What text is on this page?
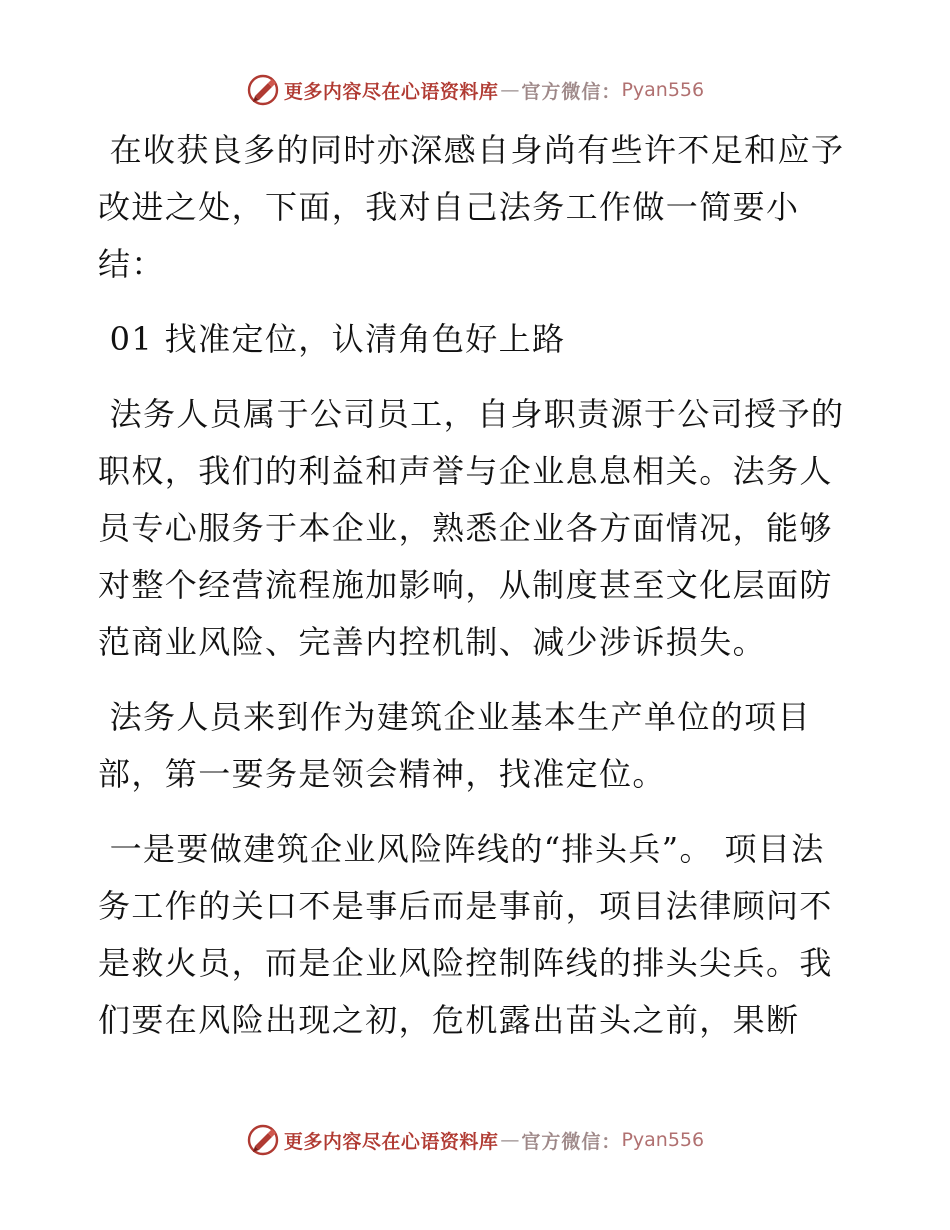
更多内容尽在心语资料库 — 官方微信： Pyan556

在收获良多的同时亦深感自身尚有些许不足和应予改进之处，下面，我对自己法务工作做一简要小结：

01 找准定位，认清角色好上路

法务人员属于公司员工，自身职责源于公司授予的职权，我们的利益和声誉与企业息息相关。法务人员专心服务于本企业，熟悉企业各方面情况，能够对整个经营流程施加影响，从制度甚至文化层面防范商业风险、完善内控机制、减少涉诉损失。

法务人员来到作为建筑企业基本生产单位的项目部，第一要务是领会精神，找准定位。

一是要做建筑企业风险阵线的“排头兵”。 项目法务工作的关口不是事后而是事前，项目法律顾问不是救火员，而是企业风险控制阵线的排头尖兵。我们要在风险出现之初，危机露出苗头之前，果断

更多内容尽在心语资料库 — 官方微信： Pyan556
